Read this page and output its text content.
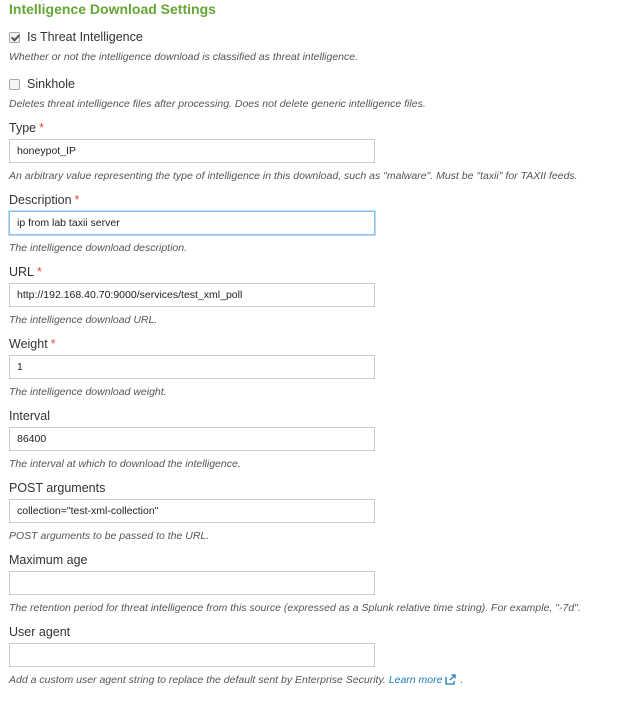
Intelligence Download Settings
Is Threat Intelligence
Whether or not the intelligence download is classified as threat intelligence.
Sinkhole
Deletes threat intelligence files after processing. Does not delete generic intelligence files.
Type *
honeypot_IP
An arbitrary value representing the type of intelligence in this download, such as "malware". Must be "taxii" for TAXII feeds.
Description *
ip from lab taxii server
The intelligence download description.
URL *
http://192.168.40.70:9000/services/test_xml_poll
The intelligence download URL.
Weight *
1
The intelligence download weight.
Interval
86400
The interval at which to download the intelligence.
POST arguments
collection="test-xml-collection"
POST arguments to be passed to the URL.
Maximum age
The retention period for threat intelligence from this source (expressed as a Splunk relative time string). For example, "-7d".
User agent
Add a custom user agent string to replace the default sent by Enterprise Security. Learn more .
